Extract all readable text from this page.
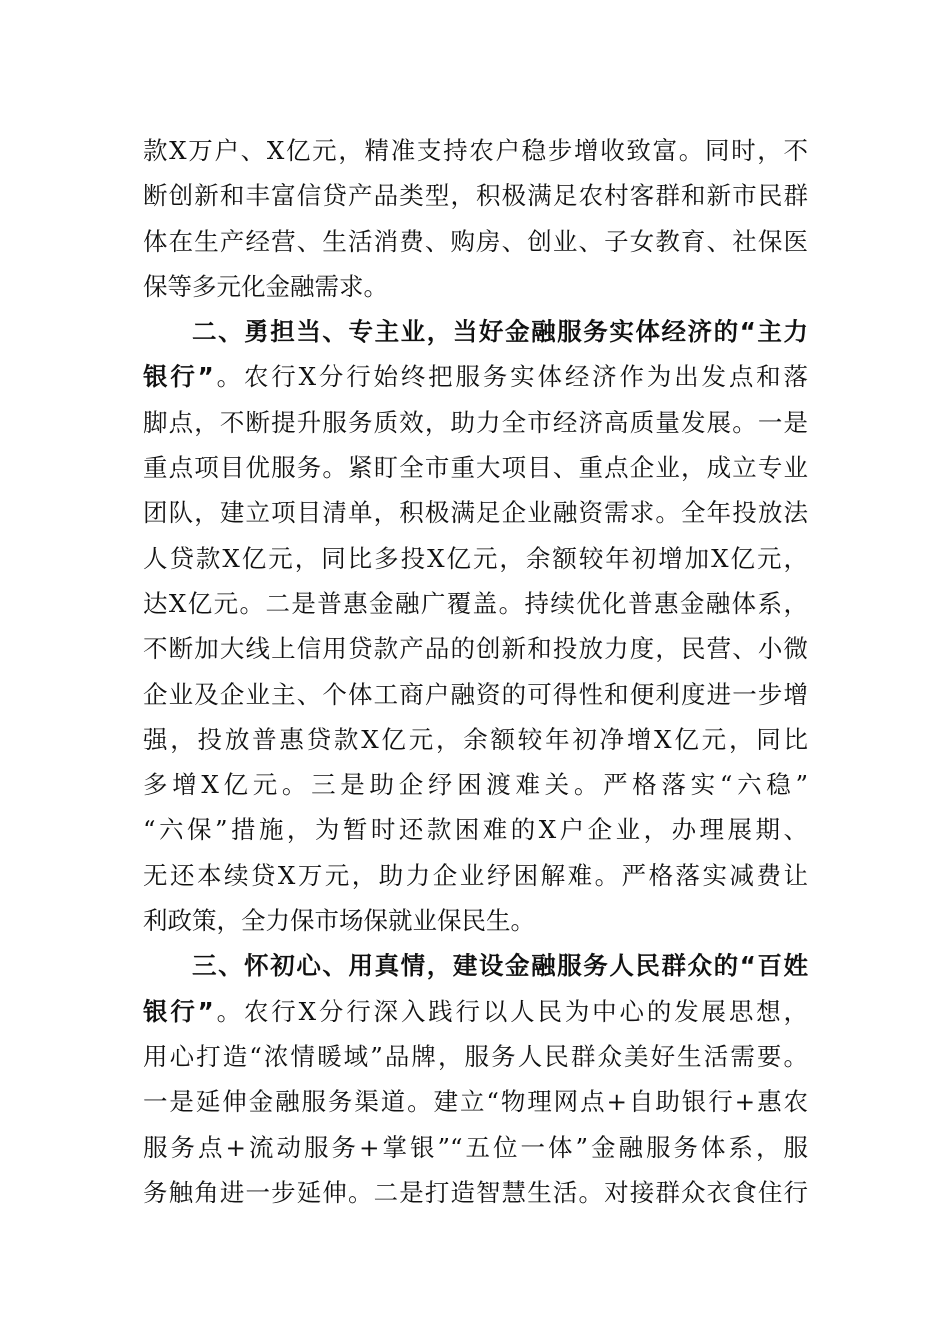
款X万户、X亿元，精准支持农户稳步增收致富。同时，不
断创新和丰富信贷产品类型，积极满足农村客群和新市民群
体在生产经营、生活消费、购房、创业、子女教育、社保医
保等多元化金融需求。
二、勇担当、专主业，当好金融服务实体经济的“主力
银行”。农行X分行始终把服务实体经济作为出发点和落
脚点，不断提升服务质效，助力全市经济高质量发展。一是
重点项目优服务。紧盯全市重大项目、重点企业，成立专业
团队，建立项目清单，积极满足企业融资需求。全年投放法
人贷款X亿元，同比多投X亿元，余额较年初增加X亿元，
达X亿元。二是普惠金融广覆盖。持续优化普惠金融体系，
不断加大线上信用贷款产品的创新和投放力度，民营、小微
企业及企业主、个体工商户融资的可得性和便利度进一步增
强，投放普惠贷款X亿元，余额较年初净增X亿元，同比
多增X亿元。三是助企纾困渡难关。严格落实“六稳”
“六保”措施，为暂时还款困难的X户企业，办理展期、
无还本续贷X万元，助力企业纾困解难。严格落实减费让
利政策，全力保市场保就业保民生。
三、怀初心、用真情，建设金融服务人民群众的“百姓
银行”。农行X分行深入践行以人民为中心的发展思想，
用心打造“浓情暖域”品牌，服务人民群众美好生活需要。
一是延伸金融服务渠道。建立“物理网点+自助银行+惠农
服务点+流动服务+掌银”“五位一体”金融服务体系，服
务触角进一步延伸。二是打造智慧生活。对接群众衣食住行
